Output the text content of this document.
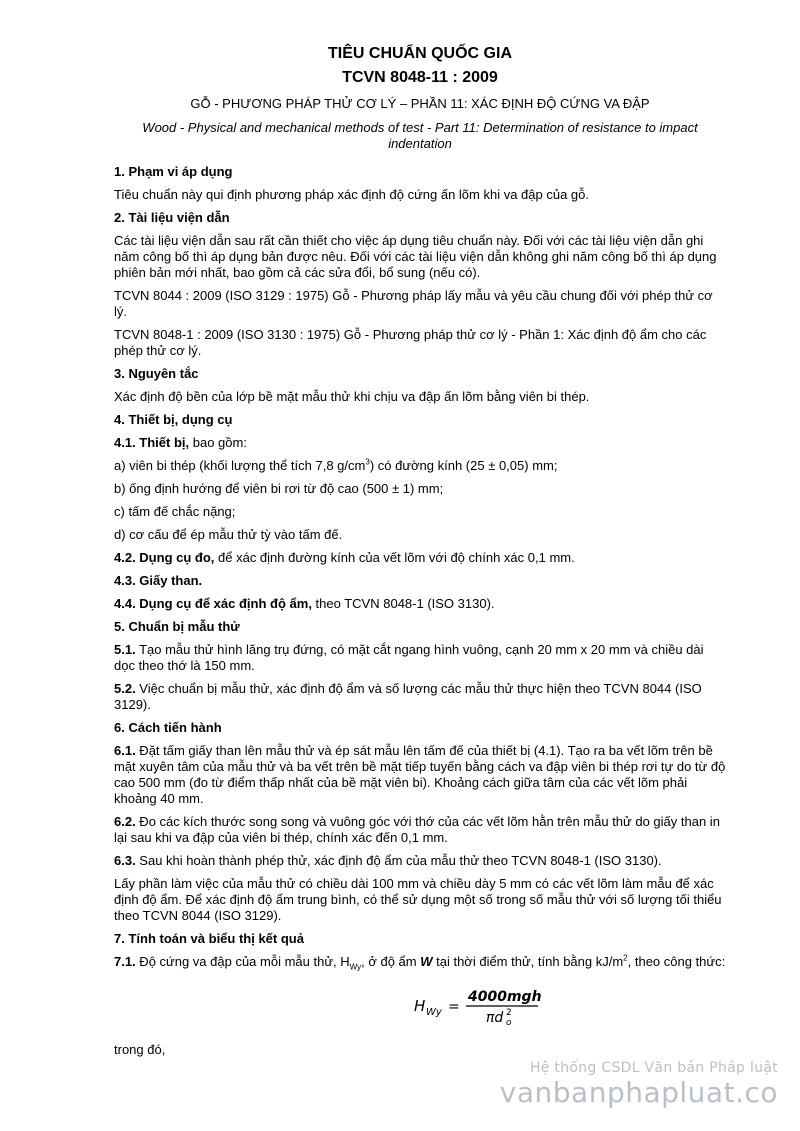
TIÊU CHUẨN QUỐC GIA
TCVN 8048-11 : 2009
GỖ - PHƯƠNG PHÁP THỬ CƠ LÝ – PHẦN 11: XÁC ĐỊNH ĐỘ CỨNG VA ĐẬP
Wood - Physical and mechanical methods of test - Part 11: Determination of resistance to impact indentation
1. Phạm vi áp dụng

Tiêu chuẩn này qui định phương pháp xác định độ cứng ấn lõm khi va đập của gỗ.

2. Tài liệu viện dẫn

Các tài liệu viện dẫn sau rất cần thiết cho việc áp dụng tiêu chuẩn này. Đối với các tài liệu viện dẫn ghi năm công bố thì áp dụng bản được nêu. Đối với các tài liệu viện dẫn không ghi năm công bố thì áp dụng phiên bản mới nhất, bao gồm cả các sửa đổi, bổ sung (nếu có).

TCVN 8044 : 2009 (ISO 3129 : 1975) Gỗ - Phương pháp lấy mẫu và yêu cầu chung đối với phép thử cơ lý.

TCVN 8048-1 : 2009 (ISO 3130 : 1975) Gỗ - Phương pháp thử cơ lý - Phần 1: Xác định độ ẩm cho các phép thử cơ lý.

3. Nguyên tắc

Xác định độ bền của lớp bề mặt mẫu thử khi chịu va đập ấn lõm bằng viên bi thép.

4. Thiết bị, dụng cụ

4.1. Thiết bị, bao gồm:

a) viên bi thép (khối lượng thể tích 7,8 $g/cm^3$) có đường kính (25 ± 0,05) mm;

b) ống định hướng để viên bi rơi từ độ cao (500 ± 1) mm;

c) tấm đế chắc nặng;

d) cơ cấu để ép mẫu thử tỳ vào tấm đế.

4.2. Dụng cụ đo, để xác định đường kính của vết lõm với độ chính xác 0,1 mm.

4.3. Giấy than.

4.4. Dụng cụ để xác định độ ẩm, theo TCVN 8048-1 (ISO 3130).

5. Chuẩn bị mẫu thử

5.1. Tạo mẫu thử hình lăng trụ đứng, có mặt cắt ngang hình vuông, cạnh 20 mm x 20 mm và chiều dài dọc theo thớ là 150 mm.

5.2. Việc chuẩn bị mẫu thử, xác định độ ẩm và số lượng các mẫu thử thực hiện theo TCVN 8044 (ISO 3129).

6. Cách tiến hành

6.1. Đặt tấm giấy than lên mẫu thử và ép sát mẫu lên tấm đế của thiết bị (4.1). Tạo ra ba vết lõm trên bề mặt xuyên tâm của mẫu thử và ba vết trên bề mặt tiếp tuyến bằng cách va đập viên bi thép rơi tự do từ độ cao 500 mm (đo từ điểm thấp nhất của bề mặt viên bi). Khoảng cách giữa tâm của các vết lõm phải khoảng 40 mm.

6.2. Đo các kích thước song song và vuông góc với thớ của các vết lõm hằn trên mẫu thử do giấy than in lại sau khi va đập của viên bi thép, chính xác đến 0,1 mm.

6.3. Sau khi hoàn thành phép thử, xác định độ ẩm của mẫu thử theo TCVN 8048-1 (ISO 3130).

Lấy phần làm việc của mẫu thử có chiều dài 100 mm và chiều dày 5 mm có các vết lõm làm mẫu để xác định độ ẩm. Để xác định độ ẩm trung bình, có thể sử dụng một số trong số mẫu thử với số lượng tối thiểu theo TCVN 8044 (ISO 3129).

7. Tính toán và biểu thị kết quả

7.1. Độ cứng va đập của mỗi mẫu thử, $H_{Wy}$, ở độ ẩm W tại thời điểm thử, tính bằng $kJ/m^2$, theo công thức:

H Wy =
4000mgh
πd o
2

trong đó,

Hệ thống CSDL Văn bản Pháp luật
vanbanphapluat.co
